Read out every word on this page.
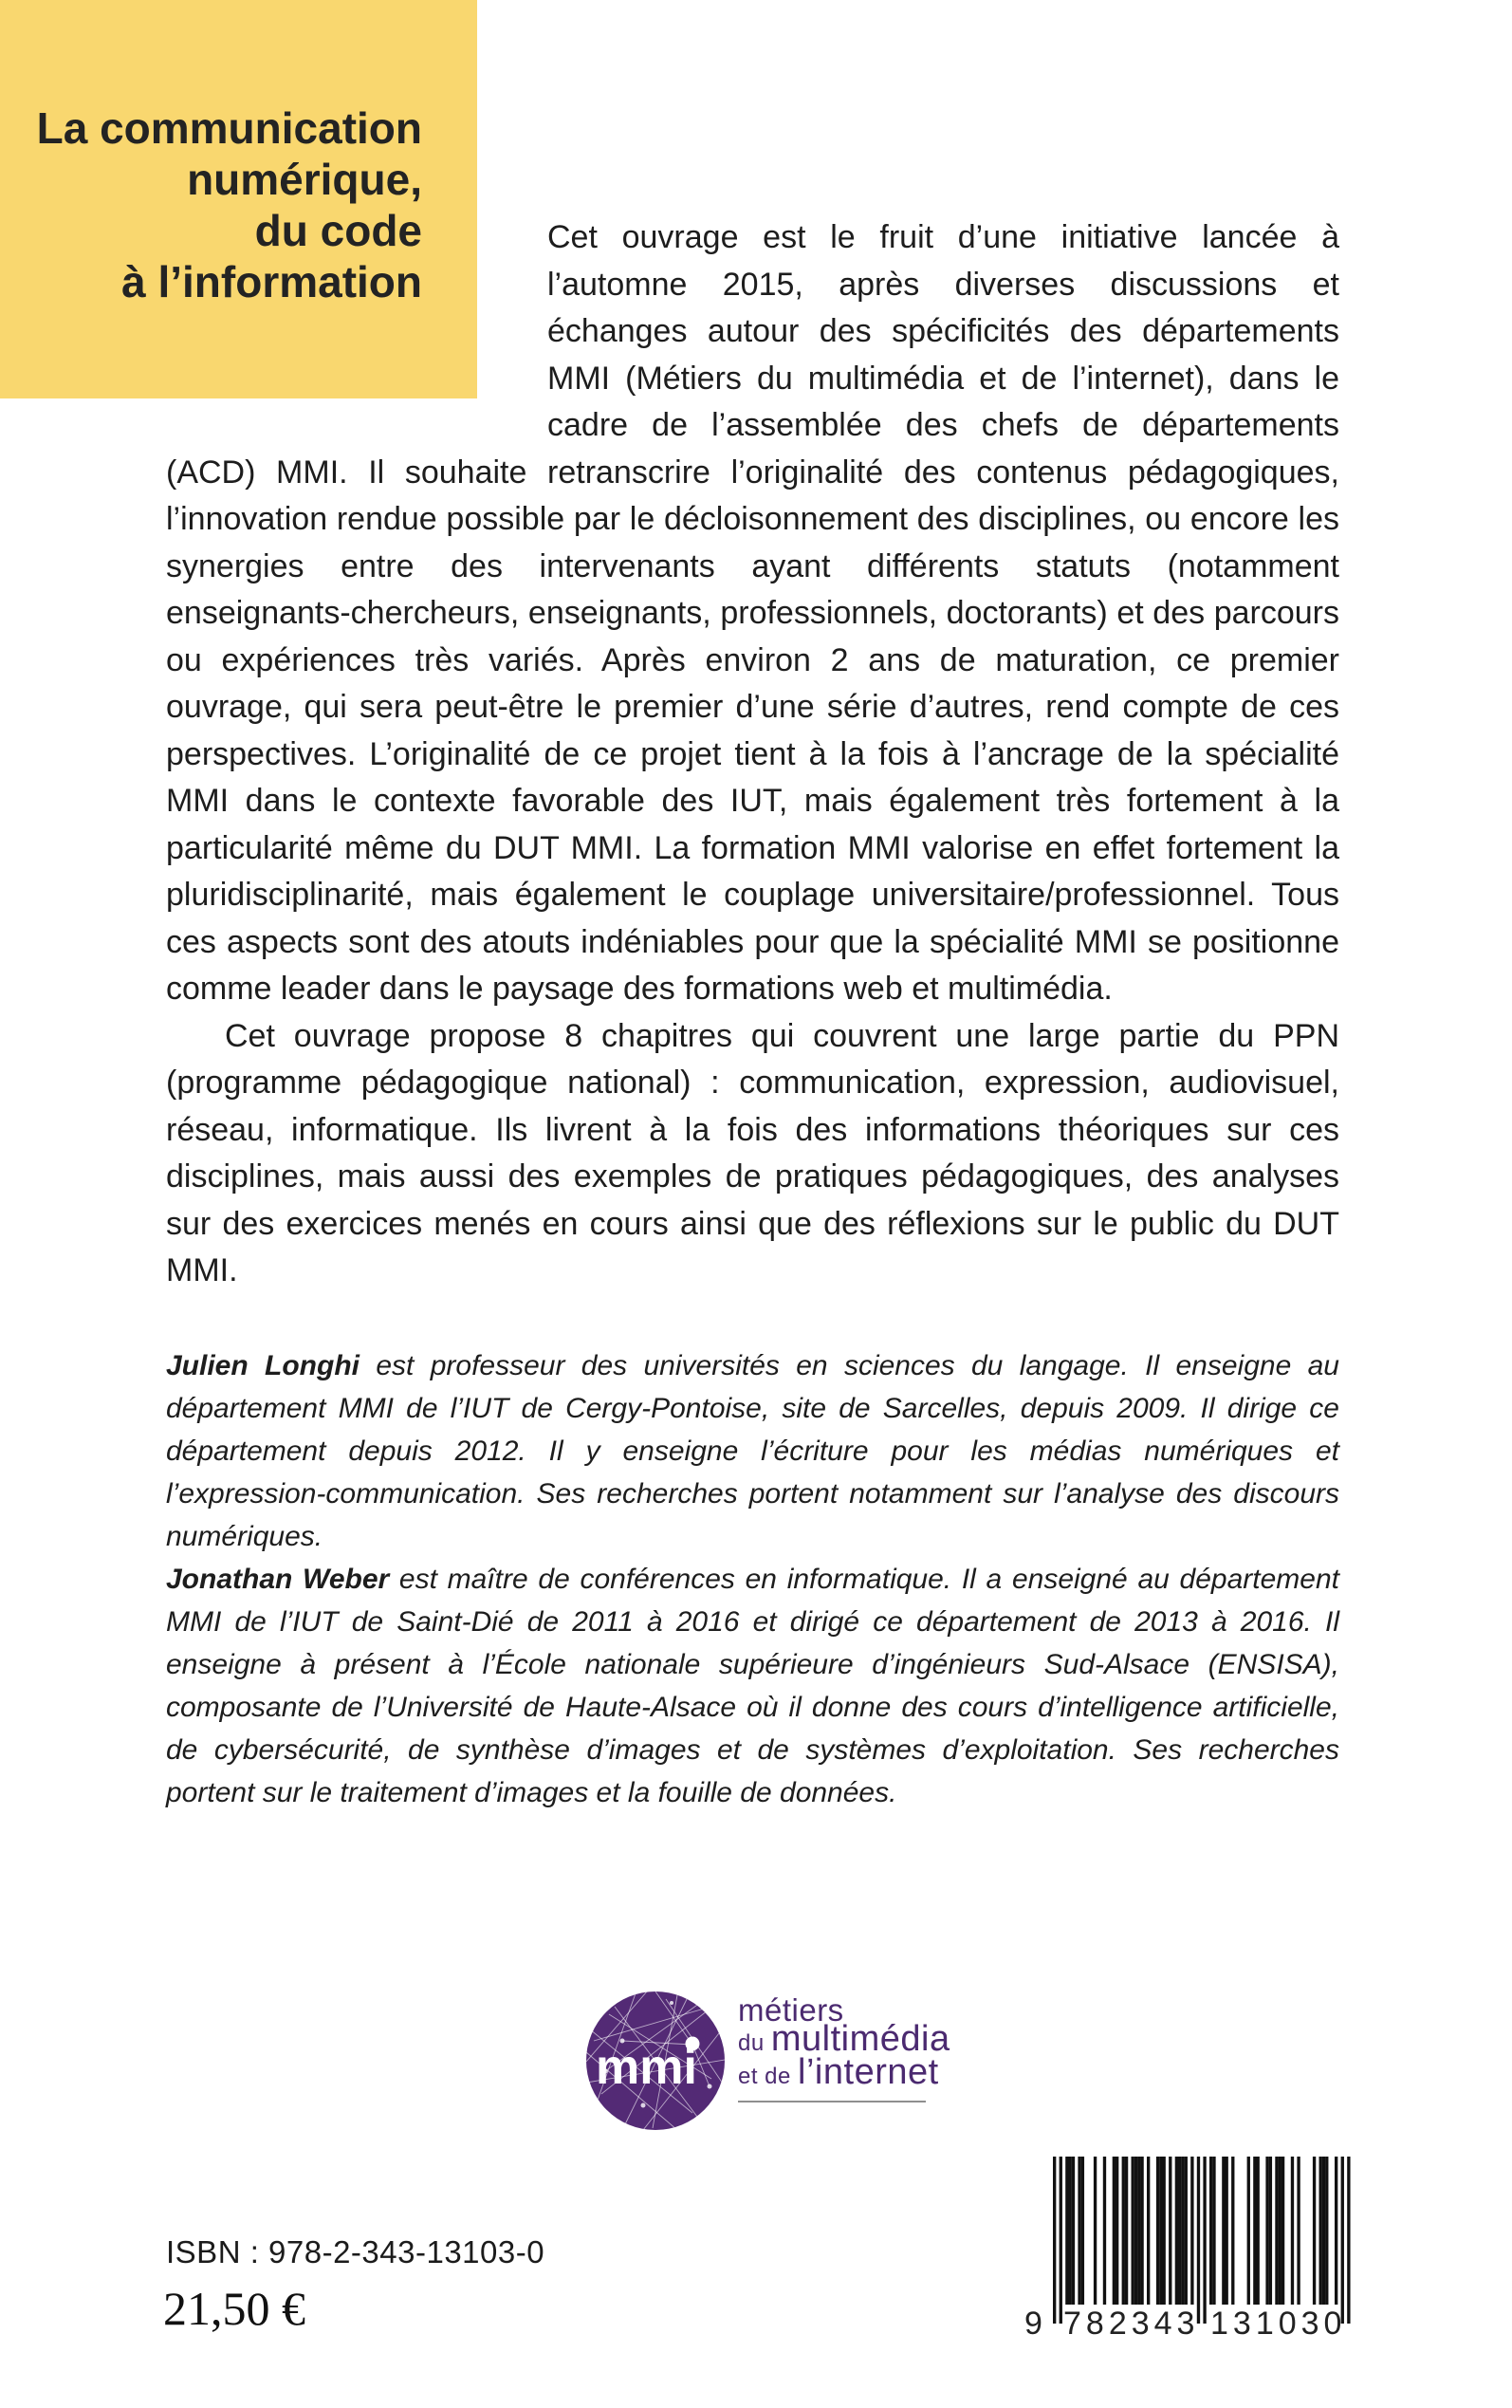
La communication
numérique,
du code
à l’information

Cet ouvrage est le fruit d’une initiative lancée à l’automne 2015, après diverses discussions et échanges autour des spécificités des départements MMI (Métiers du multimédia et de l’internet), dans le cadre de l’assemblée des chefs de départements (ACD) MMI. Il souhaite retranscrire l’originalité des contenus pédagogiques, l’innovation rendue possible par le décloisonnement des disciplines, ou encore les synergies entre des intervenants ayant différents statuts (notamment enseignants-chercheurs, enseignants, professionnels, doctorants) et des parcours ou expériences très variés. Après environ 2 ans de maturation, ce premier ouvrage, qui sera peut-être le premier d’une série d’autres, rend compte de ces perspectives. L’originalité de ce projet tient à la fois à l’ancrage de la spécialité MMI dans le contexte favorable des IUT, mais également très fortement à la particularité même du DUT MMI. La formation MMI valorise en effet fortement la pluridisciplinarité, mais également le couplage universitaire/professionnel. Tous ces aspects sont des atouts indéniables pour que la spécialité MMI se positionne comme leader dans le paysage des formations web et multimédia.

Cet ouvrage propose 8 chapitres qui couvrent une large partie du PPN (programme pédagogique national) : communication, expression, audiovisuel, réseau, informatique. Ils livrent à la fois des informations théoriques sur ces disciplines, mais aussi des exemples de pratiques pédagogiques, des analyses sur des exercices menés en cours ainsi que des réflexions sur le public du DUT MMI.

Julien Longhi est professeur des universités en sciences du langage. Il enseigne au département MMI de l’IUT de Cergy-Pontoise, site de Sarcelles, depuis 2009. Il dirige ce département depuis 2012. Il y enseigne l’écriture pour les médias numériques et l’expression-communication. Ses recherches portent notamment sur l’analyse des discours numériques.

Jonathan Weber est maître de conférences en informatique. Il a enseigné au département MMI de l’IUT de Saint-Dié de 2011 à 2016 et dirigé ce département de 2013 à 2016. Il enseigne à présent à l’École nationale supérieure d’ingénieurs Sud-Alsace (ENSISA), composante de l’Université de Haute-Alsace où il donne des cours d’intelligence artificielle, de cybersécurité, de synthèse d’images et de systèmes d’exploitation. Ses recherches portent sur le traitement d’images et la fouille de données.

mmi
métiers
du multimédia
et de l’internet
ISBN : 978-2-343-13103-0
21,50 €	9 782343 131030
